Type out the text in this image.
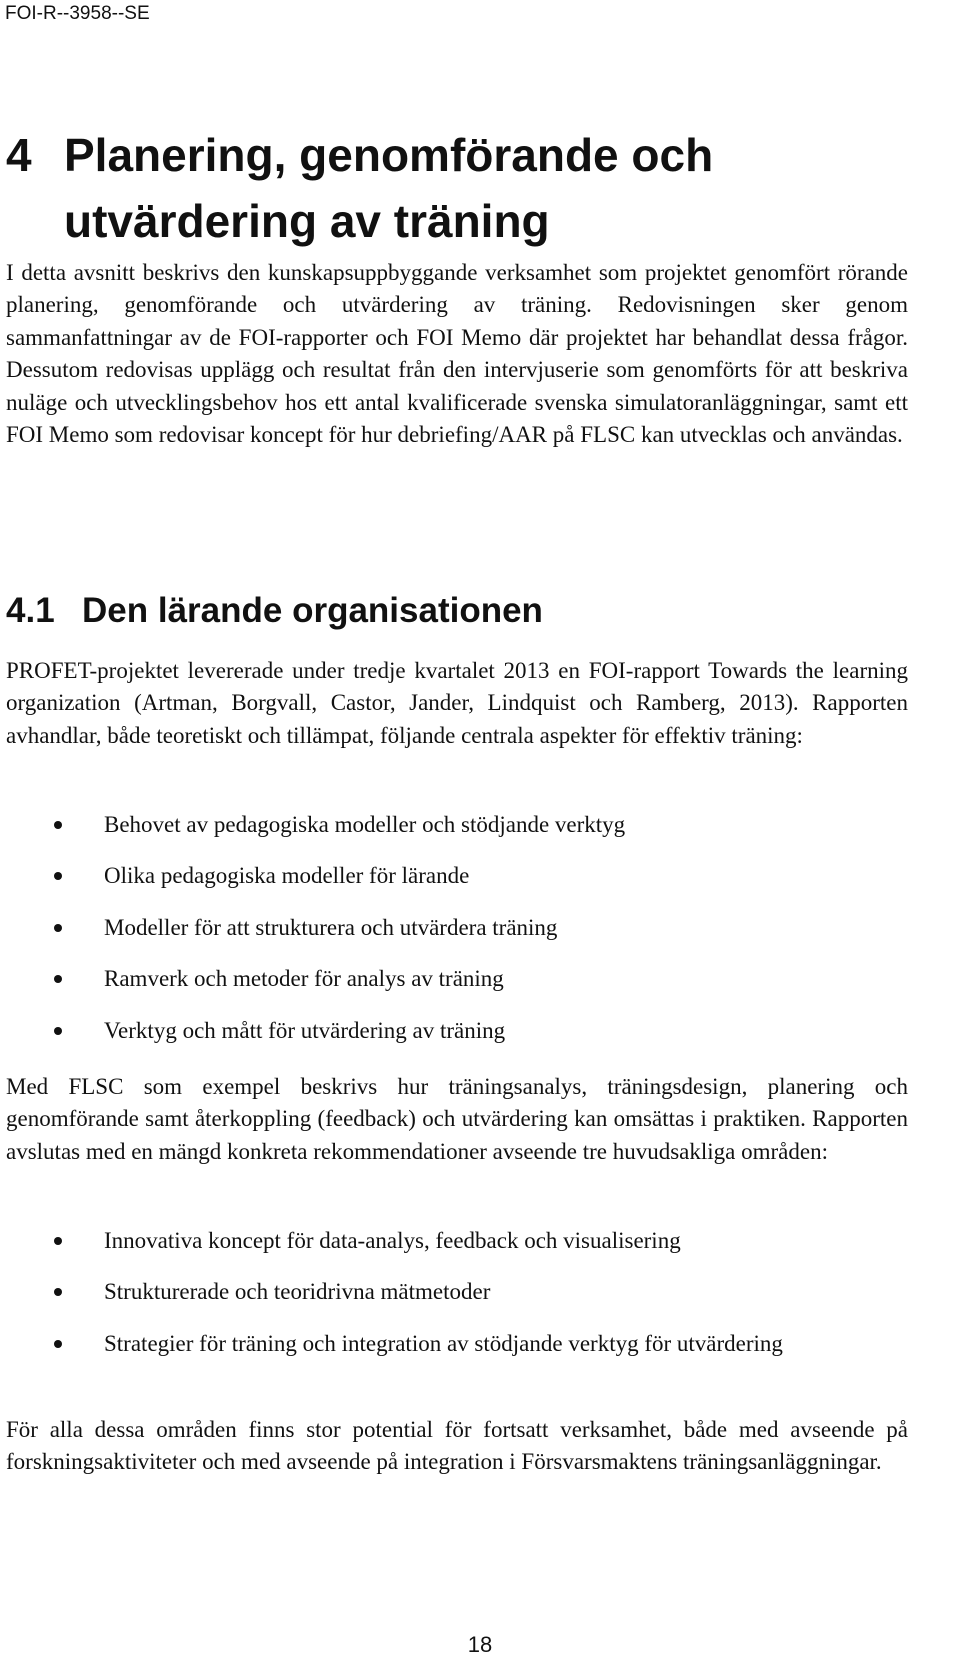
FOI-R--3958--SE
4 Planering, genomförande och
utvärdering av träning

I detta avsnitt beskrivs den kunskapsuppbyggande verksamhet som projektet genomfört rörande planering, genomförande och utvärdering av träning. Redovisningen sker genom sammanfattningar av de FOI-rapporter och FOI Memo där projektet har behandlat dessa frågor. Dessutom redovisas upplägg och resultat från den intervjuserie som genomförts för att beskriva nuläge och utvecklingsbehov hos ett antal kvalificerade svenska simulatoranläggningar, samt ett FOI Memo som redovisar koncept för hur debriefing/AAR på FLSC kan utvecklas och användas.

4.1 Den lärande organisationen

PROFET-projektet levererade under tredje kvartalet 2013 en FOI-rapport Towards the learning organization (Artman, Borgvall, Castor, Jander, Lindquist och Ramberg, 2013). Rapporten avhandlar, både teoretiskt och tillämpat, följande centrala aspekter för effektiv träning:

Behovet av pedagogiska modeller och stödjande verktyg
Olika pedagogiska modeller för lärande
Modeller för att strukturera och utvärdera träning
Ramverk och metoder för analys av träning
Verktyg och mått för utvärdering av träning

Med FLSC som exempel beskrivs hur träningsanalys, träningsdesign, planering och genomförande samt återkoppling (feedback) och utvärdering kan omsättas i praktiken. Rapporten avslutas med en mängd konkreta rekommendationer avseende tre huvudsakliga områden:

Innovativa koncept för data-analys, feedback och visualisering
Strukturerade och teoridrivna mätmetoder
Strategier för träning och integration av stödjande verktyg för utvärdering

För alla dessa områden finns stor potential för fortsatt verksamhet, både med avseende på forskningsaktiviteter och med avseende på integration i Försvarsmaktens träningsanläggningar.

18
